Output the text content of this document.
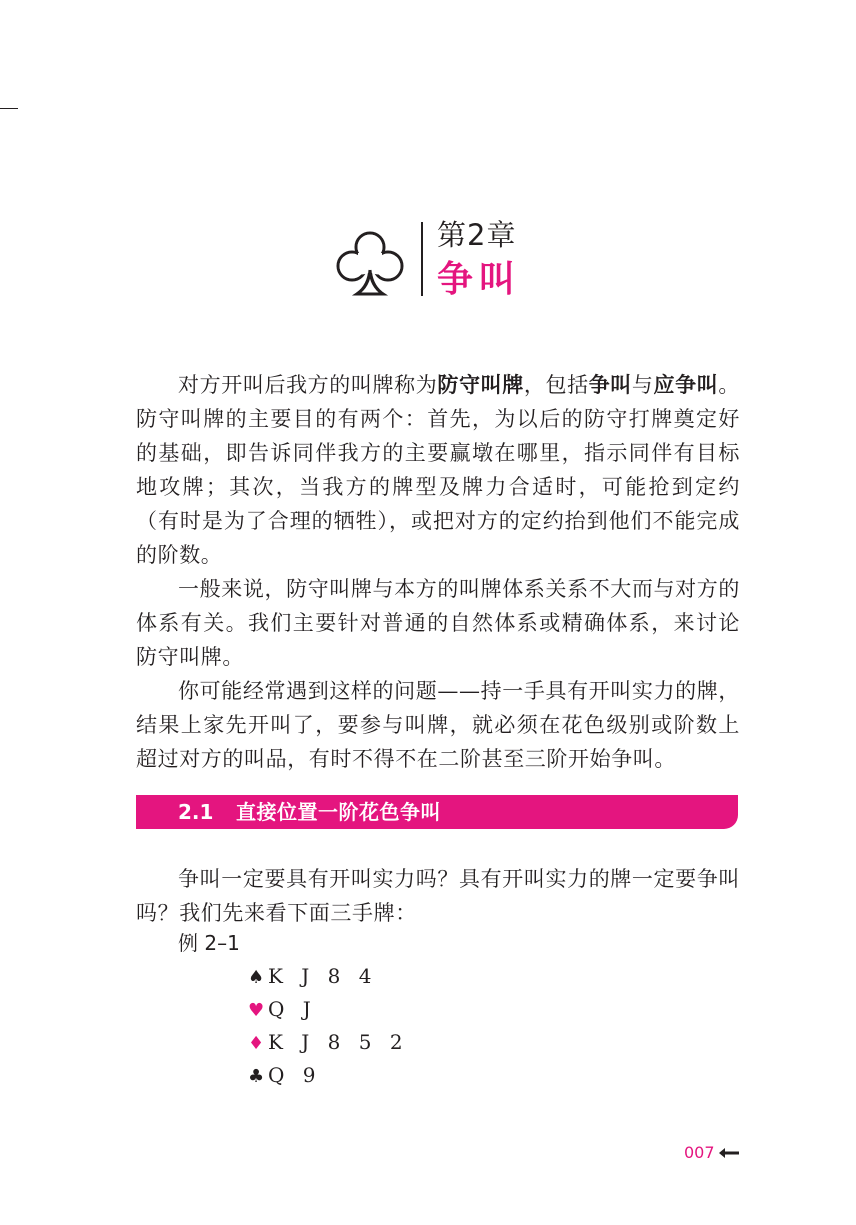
第2章
争叫

对方开叫后我方的叫牌称为防守叫牌，包括争叫与应争叫。防守叫牌的主要目的有两个：首先，为以后的防守打牌奠定好的基础，即告诉同伴我方的主要赢墩在哪里，指示同伴有目标地攻牌；其次，当我方的牌型及牌力合适时，可能抢到定约（有时是为了合理的牺牲），或把对方的定约抬到他们不能完成的阶数。

一般来说，防守叫牌与本方的叫牌体系关系不大而与对方的体系有关。我们主要针对普通的自然体系或精确体系，来讨论防守叫牌。

你可能经常遇到这样的问题——持一手具有开叫实力的牌，结果上家先开叫了，要参与叫牌，就必须在花色级别或阶数上超过对方的叫品，有时不得不在二阶甚至三阶开始争叫。

2.1 直接位置一阶花色争叫

争叫一定要具有开叫实力吗？具有开叫实力的牌一定要争叫吗？我们先来看下面三手牌：

例 2–1
♠ K J 8 4
♥ Q J
♦ K J 8 5 2
♣ Q 9
007
